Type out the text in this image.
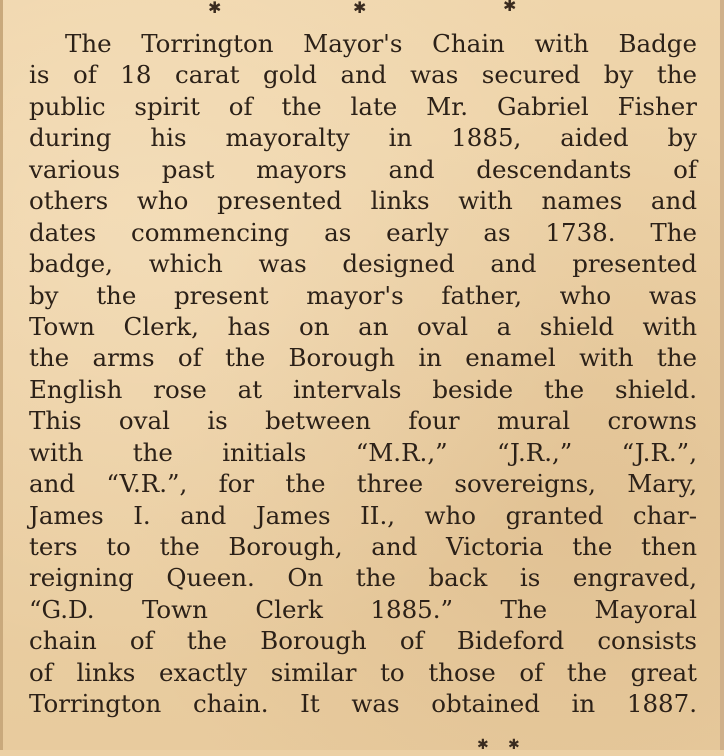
✱	✱	✱
The Torrington Mayor's Chain with Badge
is of 18 carat gold and was secured by the
public spirit of the late Mr. Gabriel Fisher
during his mayoralty in 1885, aided by
various past mayors and descendants of
others who presented links with names and
dates commencing as early as 1738. The
badge, which was designed and presented
by the present mayor's father, who was
Town Clerk, has on an oval a shield with
the arms of the Borough in enamel with the
English rose at intervals beside the shield.
This oval is between four mural crowns
with the initials “M.R.,” “J.R.,” “J.R.”,
and “V.R.”, for the three sovereigns, Mary,
James I. and James II., who granted char-
ters to the Borough, and Victoria the then
reigning Queen. On the back is engraved,
“G.D. Town Clerk 1885.” The Mayoral
chain of the Borough of Bideford consists
of links exactly similar to those of the great
Torrington chain. It was obtained in 1887.
✱ ✱
